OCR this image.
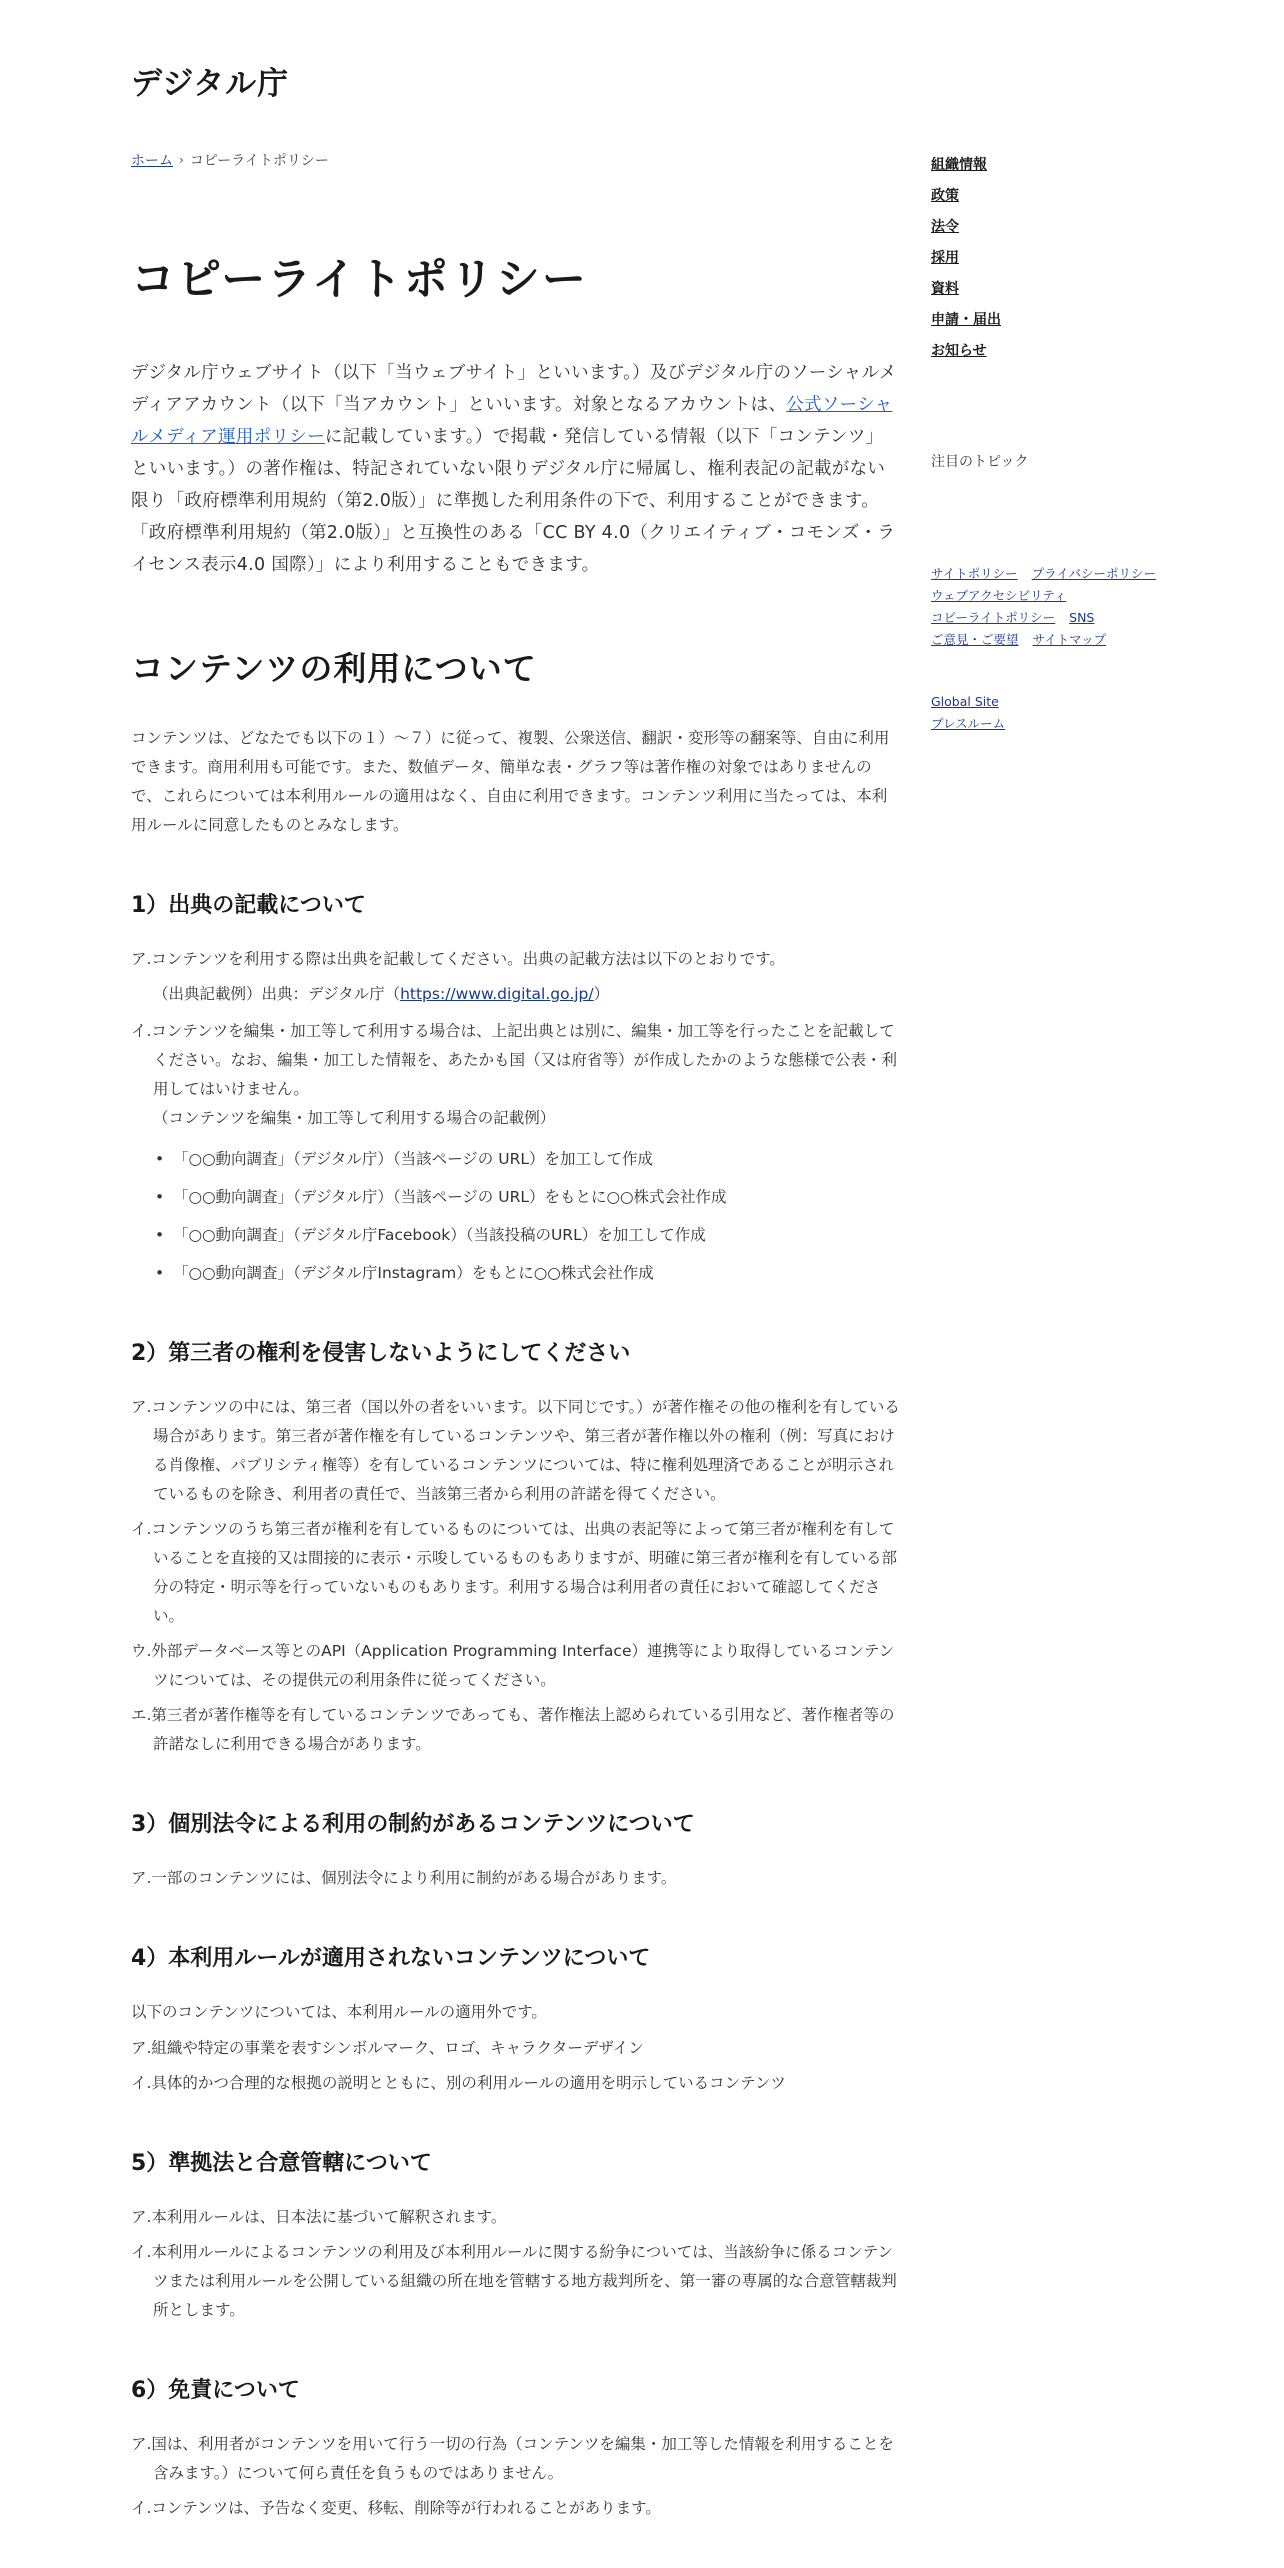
デジタル庁
ホーム › コピーライトポリシー
コピーライトポリシー

デジタル庁ウェブサイト（以下「当ウェブサイト」といいます。）及びデジタル庁のソーシャルメディアアカウント（以下「当アカウント」といいます。対象となるアカウントは、公式ソーシャルメディア運用ポリシーに記載しています。）で掲載・発信している情報（以下「コンテンツ」といいます。）の著作権は、特記されていない限りデジタル庁に帰属し、権利表記の記載がない限り「政府標準利用規約（第2.0版）」に準拠した利用条件の下で、利用することができます。「政府標準利用規約（第2.0版）」と互換性のある「CC BY 4.0（クリエイティブ・コモンズ・ライセンス表示4.0 国際）」により利用することもできます。

コンテンツの利用について

コンテンツは、どなたでも以下の１）～７）に従って、複製、公衆送信、翻訳・変形等の翻案等、自由に利用できます。商用利用も可能です。また、数値データ、簡単な表・グラフ等は著作権の対象ではありませんので、これらについては本利用ルールの適用はなく、自由に利用できます。コンテンツ利用に当たっては、本利用ルールに同意したものとみなします。

1）出典の記載について
ア.コンテンツを利用する際は出典を記載してください。出典の記載方法は以下のとおりです。
（出典記載例）出典：デジタル庁（https://www.digital.go.jp/）
イ.コンテンツを編集・加工等して利用する場合は、上記出典とは別に、編集・加工等を行ったことを記載してください。なお、編集・加工した情報を、あたかも国（又は府省等）が作成したかのような態様で公表・利用してはいけません。
（コンテンツを編集・加工等して利用する場合の記載例）
• 「○○動向調査」（デジタル庁）（当該ページの URL）を加工して作成
• 「○○動向調査」（デジタル庁）（当該ページの URL）をもとに○○株式会社作成
• 「○○動向調査」（デジタル庁Facebook）（当該投稿のURL）を加工して作成
• 「○○動向調査」（デジタル庁Instagram）をもとに○○株式会社作成
2）第三者の権利を侵害しないようにしてください
ア.コンテンツの中には、第三者（国以外の者をいいます。以下同じです。）が著作権その他の権利を有している場合があります。第三者が著作権を有しているコンテンツや、第三者が著作権以外の権利（例：写真における肖像権、パブリシティ権等）を有しているコンテンツについては、特に権利処理済であることが明示されているものを除き、利用者の責任で、当該第三者から利用の許諾を得てください。
イ.コンテンツのうち第三者が権利を有しているものについては、出典の表記等によって第三者が権利を有していることを直接的又は間接的に表示・示唆しているものもありますが、明確に第三者が権利を有している部分の特定・明示等を行っていないものもあります。利用する場合は利用者の責任において確認してください。
ウ.外部データベース等とのAPI（Application Programming Interface）連携等により取得しているコンテンツについては、その提供元の利用条件に従ってください。
エ.第三者が著作権等を有しているコンテンツであっても、著作権法上認められている引用など、著作権者等の許諾なしに利用できる場合があります。
3）個別法令による利用の制約があるコンテンツについて
ア.一部のコンテンツには、個別法令により利用に制約がある場合があります。
4）本利用ルールが適用されないコンテンツについて
以下のコンテンツについては、本利用ルールの適用外です。
ア.組織や特定の事業を表すシンボルマーク、ロゴ、キャラクターデザイン
イ.具体的かつ合理的な根拠の説明とともに、別の利用ルールの適用を明示しているコンテンツ
5）準拠法と合意管轄について
ア.本利用ルールは、日本法に基づいて解釈されます。
イ.本利用ルールによるコンテンツの利用及び本利用ルールに関する紛争については、当該紛争に係るコンテンツまたは利用ルールを公開している組織の所在地を管轄する地方裁判所を、第一審の専属的な合意管轄裁判所とします。
6）免責について
ア.国は、利用者がコンテンツを用いて行う一切の行為（コンテンツを編集・加工等した情報を利用することを含みます。）について何ら責任を負うものではありません。
イ.コンテンツは、予告なく変更、移転、削除等が行われることがあります。
組織情報
政策
法令
採用
資料
申請・届出
お知らせ
注目のトピック
サイトポリシー プライバシーポリシー
ウェブアクセシビリティ
コピーライトポリシー SNS
ご意見・ご要望 サイトマップ
Global Site
プレスルーム
